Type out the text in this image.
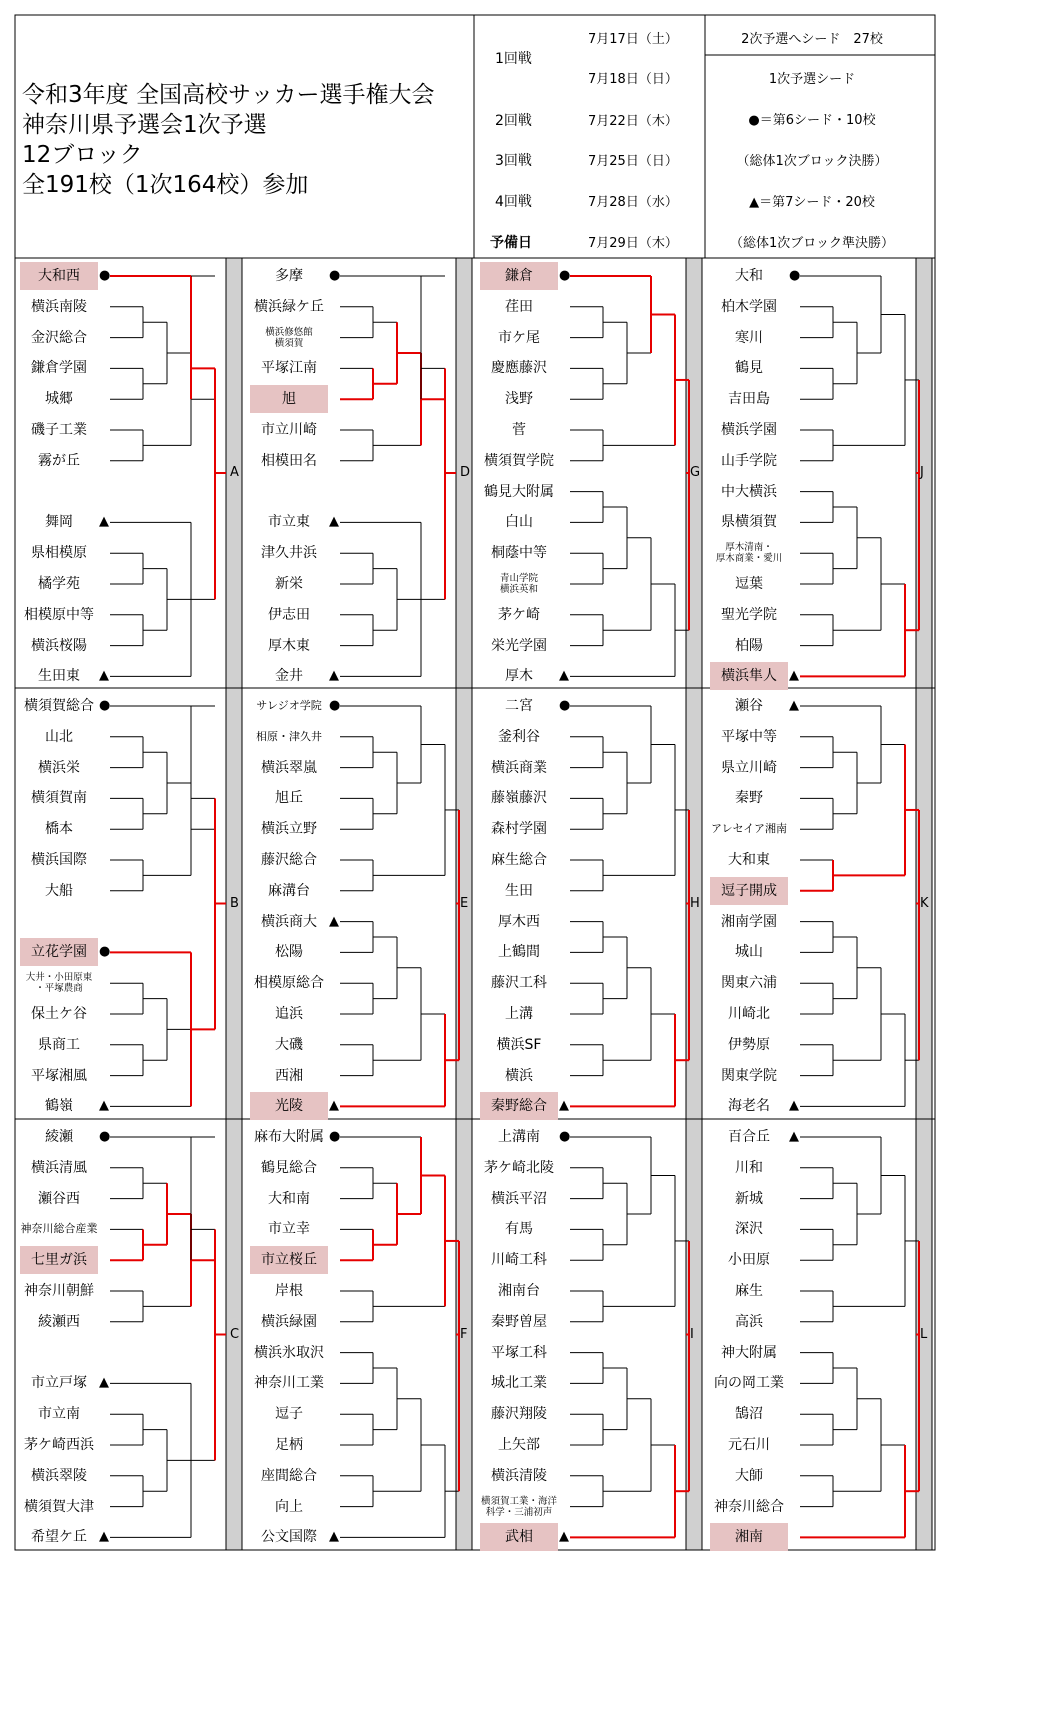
令和3年度 全国高校サッカー選手権大会
神奈川県予選会1次予選
12ブロック
全191校（1次164校）参加
1回戦
7月17日（土）
7月18日（日）
2回戦	7月22日（木）
3回戦	7月25日（日）
4回戦	7月28日（水）
予備日	7月29日（木）
2次予選へシード　27校
1次予選シード
●＝第6シード・10校
（総体1次ブロック決勝）
▲＝第7シード・20校
（総体1次ブロック準決勝）
大和西	●
横浜南陵
金沢総合
鎌倉学園
城郷
磯子工業
霧が丘
舞岡	▲
県相模原
橘学苑
相模原中等
横浜桜陽
生田東	▲
A
多摩	●
横浜緑ケ丘
横浜修悠館
横須賀
平塚江南
旭
市立川崎
相模田名
市立東	▲
津久井浜
新栄
伊志田
厚木東
金井	▲
D
鎌倉	●
荏田
市ケ尾
慶應藤沢
浅野
菅
横須賀学院
鶴見大附属
白山
桐蔭中等
青山学院
横浜英和
茅ケ崎
栄光学園
厚木	▲
G
大和	●
柏木学園
寒川
鶴見
吉田島
横浜学園
山手学院
中大横浜
県横須賀
厚木清南・
厚木商業・愛川
逗葉
聖光学院
柏陽
横浜隼人 ▲
J
横須賀総合 ●
山北
横浜栄
横須賀南
橋本
横浜国際
大船
立花学園 ●
大井・小田原東
・平塚農商
保土ケ谷
県商工
平塚湘風
鶴嶺	▲
B
サレジオ学院 ●
相原・津久井
横浜翠嵐
旭丘
横浜立野
藤沢総合
麻溝台
横浜商大 ▲
松陽
相模原総合
追浜
大磯
西湘
光陵	▲
E
二宮	●
釜利谷
横浜商業
藤嶺藤沢
森村学園
麻生総合
生田
厚木西
上鶴間
藤沢工科
上溝
横浜SF
横浜
秦野総合 ▲
H
瀬谷	▲
平塚中等
県立川崎
秦野
アレセイア湘南
大和東
逗子開成
湘南学園
城山
関東六浦
川崎北
伊勢原
関東学院
海老名	▲
K
綾瀬	●
横浜清風
瀬谷西
神奈川総合産業
七里ガ浜
神奈川朝鮮
綾瀬西
市立戸塚 ▲
市立南
茅ケ崎西浜
横浜翠陵
横須賀大津
希望ケ丘 ▲
C
麻布大附属 ●
鶴見総合
大和南
市立幸
市立桜丘
岸根
横浜緑園
横浜氷取沢
神奈川工業
逗子
足柄
座間総合
向上
公文国際 ▲
F
上溝南	●
茅ケ崎北陵
横浜平沼
有馬
川崎工科
湘南台
秦野曽屋
平塚工科
城北工業
藤沢翔陵
上矢部
横浜清陵
横須賀工業・海洋
科学・三浦初声
武相	▲
I
百合丘	▲
川和
新城
深沢
小田原
麻生
高浜
神大附属
向の岡工業
鵠沼
元石川
大師
神奈川総合
湘南
L
